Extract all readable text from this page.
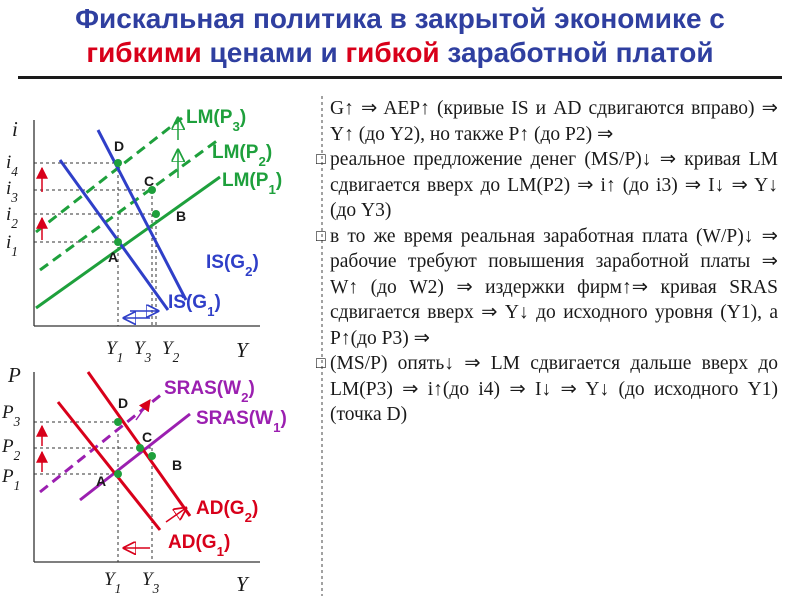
Фискальная политика в закрытой экономике с
гибкими ценами и гибкой заработной платой
i
Y
A
B
C
D
$i_4$
$i_3$
$i_2$
$i_1$
$Y_1$ $Y_3$ $Y_2$
$LM(P_3)$
$LM(P_2)$
$LM(P_1)$
$IS(G_2)$
$IS(G_1)$
P
Y
A
B
C
D
$P_3$
$P_2$
$P_1$
$Y_1$ $Y_3$
$SRAS(W_2)$
$SRAS(W_1)$
$AD(G_2)$
$AD(G_1)$

G↑ ⇒ AEP↑ (кривые IS и AD сдвигаются вправо) ⇒ Y↑ (до Y2), но также P↑ (до P2) ⇒

□ реальное предложение денег (MS/P)↓ ⇒ кривая LM сдвигается вверх до LM(P2) ⇒ i↑ (до i3) ⇒ I↓ ⇒ Y↓ (до Y3)

□ в то же время реальная заработная плата (W/P)↓ ⇒ рабочие требуют повышения заработной платы ⇒ W↑ (до W2) ⇒ издержки фирм↑⇒ кривая SRAS сдвигается вверх ⇒ Y↓ до исходного уровня (Y1), а P↑(до P3) ⇒

□ (MS/P) опять↓ ⇒ LM сдвигается дальше вверх до LM(P3) ⇒ i↑(до i4) ⇒ I↓ ⇒ Y↓ (до исходного Y1) (точка D)
